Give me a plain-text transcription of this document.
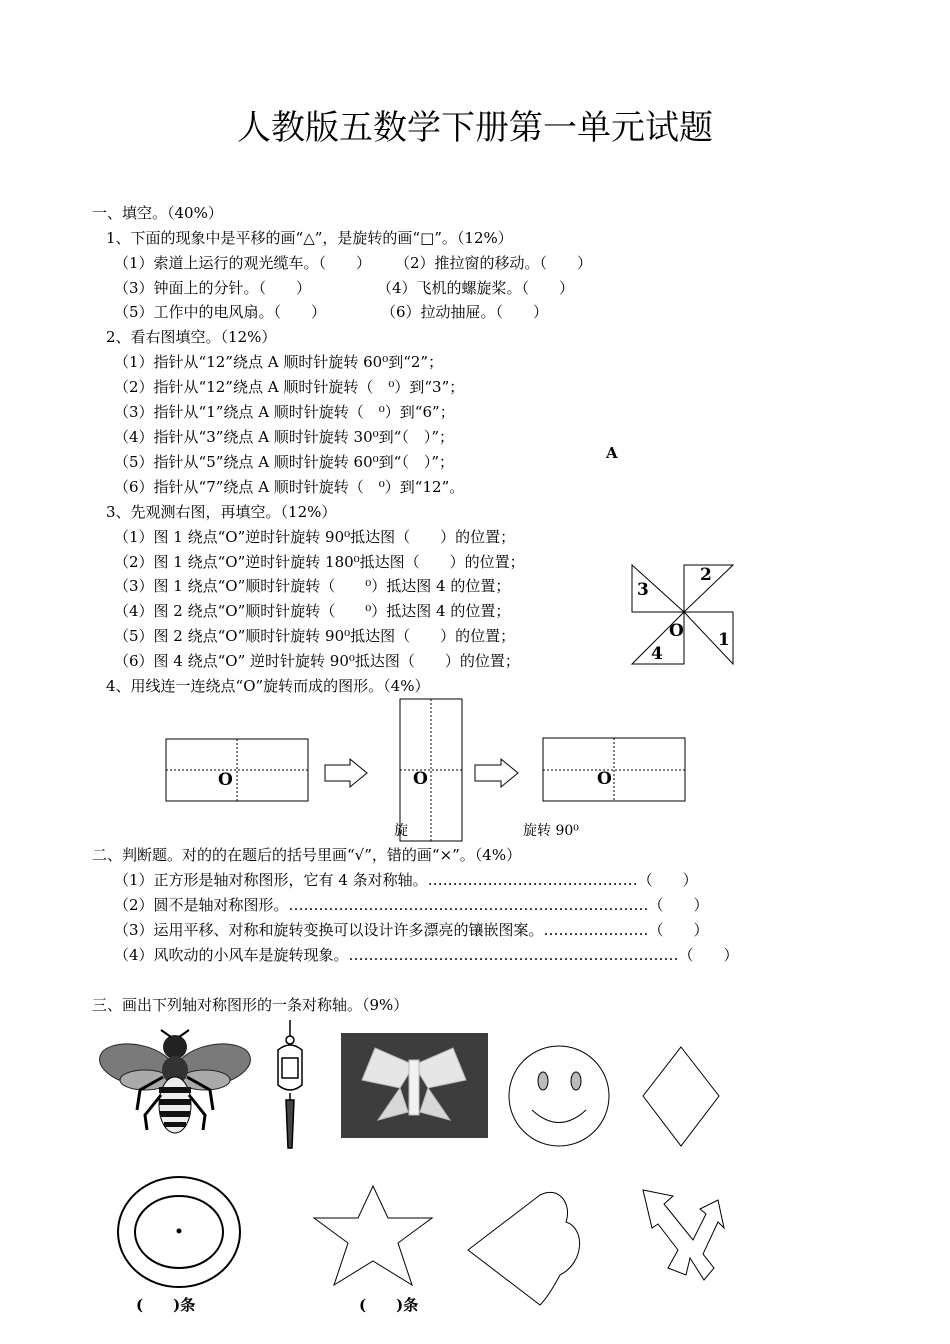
人教版五数学下册第一单元试题
一、填空。（40%）
1、下面的现象中是平移的画“△”，是旋转的画“□”。（12%）
（1）索道上运行的观光缆车。（　　） （2）推拉窗的移动。（　　）
（3）钟面上的分针。（　　）	（4）飞机的螺旋桨。（　　）
（5）工作中的电风扇。（　　）	（6）拉动抽屉。（　　）
2、看右图填空。（12%）
（1）指针从“12”绕点 A 顺时针旋转 60⁰到“2”；
（2）指针从“12”绕点 A 顺时针旋转（　⁰）到“3”；
（3）指针从“1”绕点 A 顺时针旋转（　⁰）到“6”；
（4）指针从“3”绕点 A 顺时针旋转 30⁰到“（　）”；
（5）指针从“5”绕点 A 顺时针旋转 60⁰到“（　）”；
（6）指针从“7”绕点 A 顺时针旋转（　⁰）到“12”。
A
3、先观测右图，再填空。（12%）
（1）图 1 绕点“O”逆时针旋转 90⁰抵达图（　　）的位置；
（2）图 1 绕点“O”逆时针旋转 180⁰抵达图（　　）的位置；
（3）图 1 绕点“O”顺时针旋转（　　⁰）抵达图 4 的位置；
（4）图 2 绕点“O”顺时针旋转（　　⁰）抵达图 4 的位置；
（5）图 2 绕点“O”顺时针旋转 90⁰抵达图（　　）的位置；
（6）图 4 绕点“O” 逆时针旋转 90⁰抵达图（　　）的位置；
2
1
3
4
O
4、用线连一连绕点“O”旋转而成的图形。（4%）
O	O	O
旋	旋转 90⁰
二、判断题。对的的在题后的括号里画“√”，错的画“×”。（4%）
（1）正方形是轴对称图形，它有 4 条对称轴。……………………………………（　　）
（2）圆不是轴对称图形。………………………………………………………………（　　）
（3）运用平移、对称和旋转变换可以设计许多漂亮的镶嵌图案。…………………（　　）
（4）风吹动的小风车是旋转现象。…………………………………………………………（　　）
三、画出下列轴对称图形的一条对称轴。（9%）
(　　)条	(　　)条
